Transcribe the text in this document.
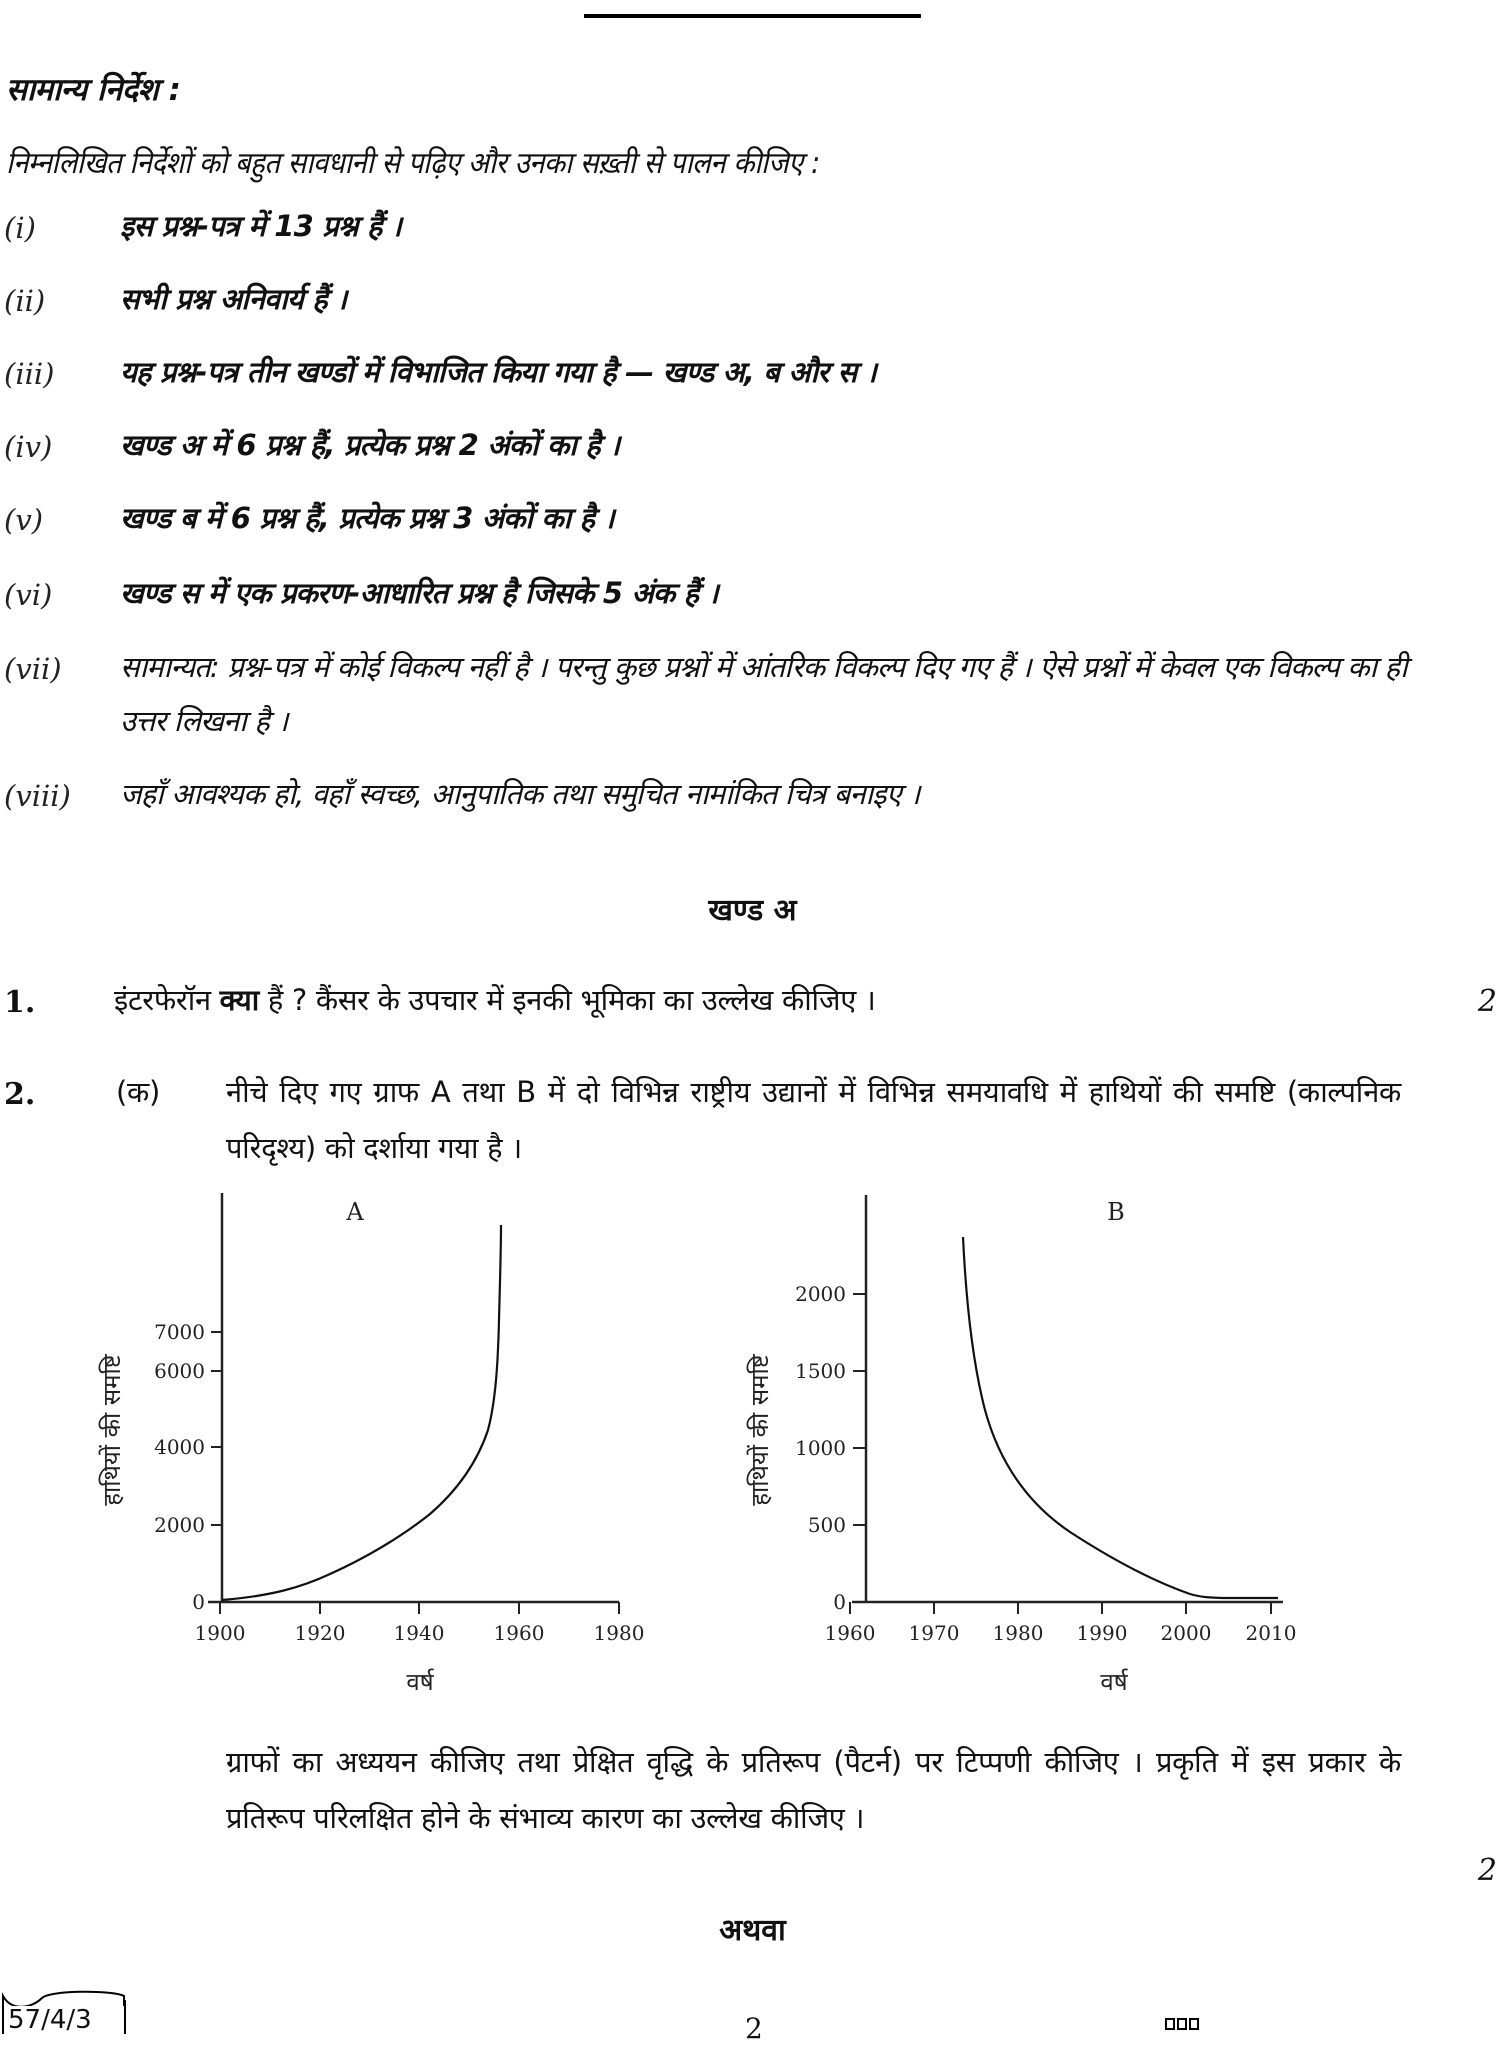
सामान्य निर्देश :
निम्नलिखित निर्देशों को बहुत सावधानी से पढ़िए और उनका सख़्ती से पालन कीजिए :
(i)	इस प्रश्न-पत्र में 13 प्रश्न हैं ।
(ii)	सभी प्रश्न अनिवार्य हैं ।
(iii) यह प्रश्न-पत्र तीन खण्डों में विभाजित किया गया है — खण्ड अ, ब और स ।
(iv) खण्ड अ में 6 प्रश्न हैं, प्रत्येक प्रश्न 2 अंकों का है ।
(v)	खण्ड ब में 6 प्रश्न हैं, प्रत्येक प्रश्न 3 अंकों का है ।
(vi) खण्ड स में एक प्रकरण-आधारित प्रश्न है जिसके 5 अंक हैं ।
(vii) सामान्यत: प्रश्न-पत्र में कोई विकल्प नहीं है । परन्तु कुछ प्रश्नों में आंतरिक विकल्प दिए गए हैं । ऐसे प्रश्नों में केवल एक विकल्प का ही उत्तर लिखना है ।
(viii) जहाँ आवश्यक हो, वहाँ स्वच्छ, आनुपातिक तथा समुचित नामांकित चित्र बनाइए ।
खण्ड अ
1.	इंटरफेरॉन क्या हैं ? कैंसर के उपचार में इनकी भूमिका का उल्लेख कीजिए ।	2
2.	(क) नीचे दिए गए ग्राफ A तथा B में दो विभिन्न राष्ट्रीय उद्यानों में विभिन्न समयावधि में हाथियों की समष्टि (काल्पनिक परिदृश्य) को दर्शाया गया है ।
0
2000
4000
6000
7000
1900 1920 1940 1960 1980
A
वर्ष
हाथियों की समष्टि
0
500
1000
1500
2000
1960 1970 1980 1990 2000 2010
B
वर्ष
हाथियों की समष्टि
ग्राफों का अध्ययन कीजिए तथा प्रेक्षित वृद्धि के प्रतिरूप (पैटर्न) पर टिप्पणी कीजिए । प्रकृति में इस प्रकार के प्रतिरूप परिलक्षित होने के संभाव्य कारण का उल्लेख कीजिए ।
2
अथवा
57/4/3	2
